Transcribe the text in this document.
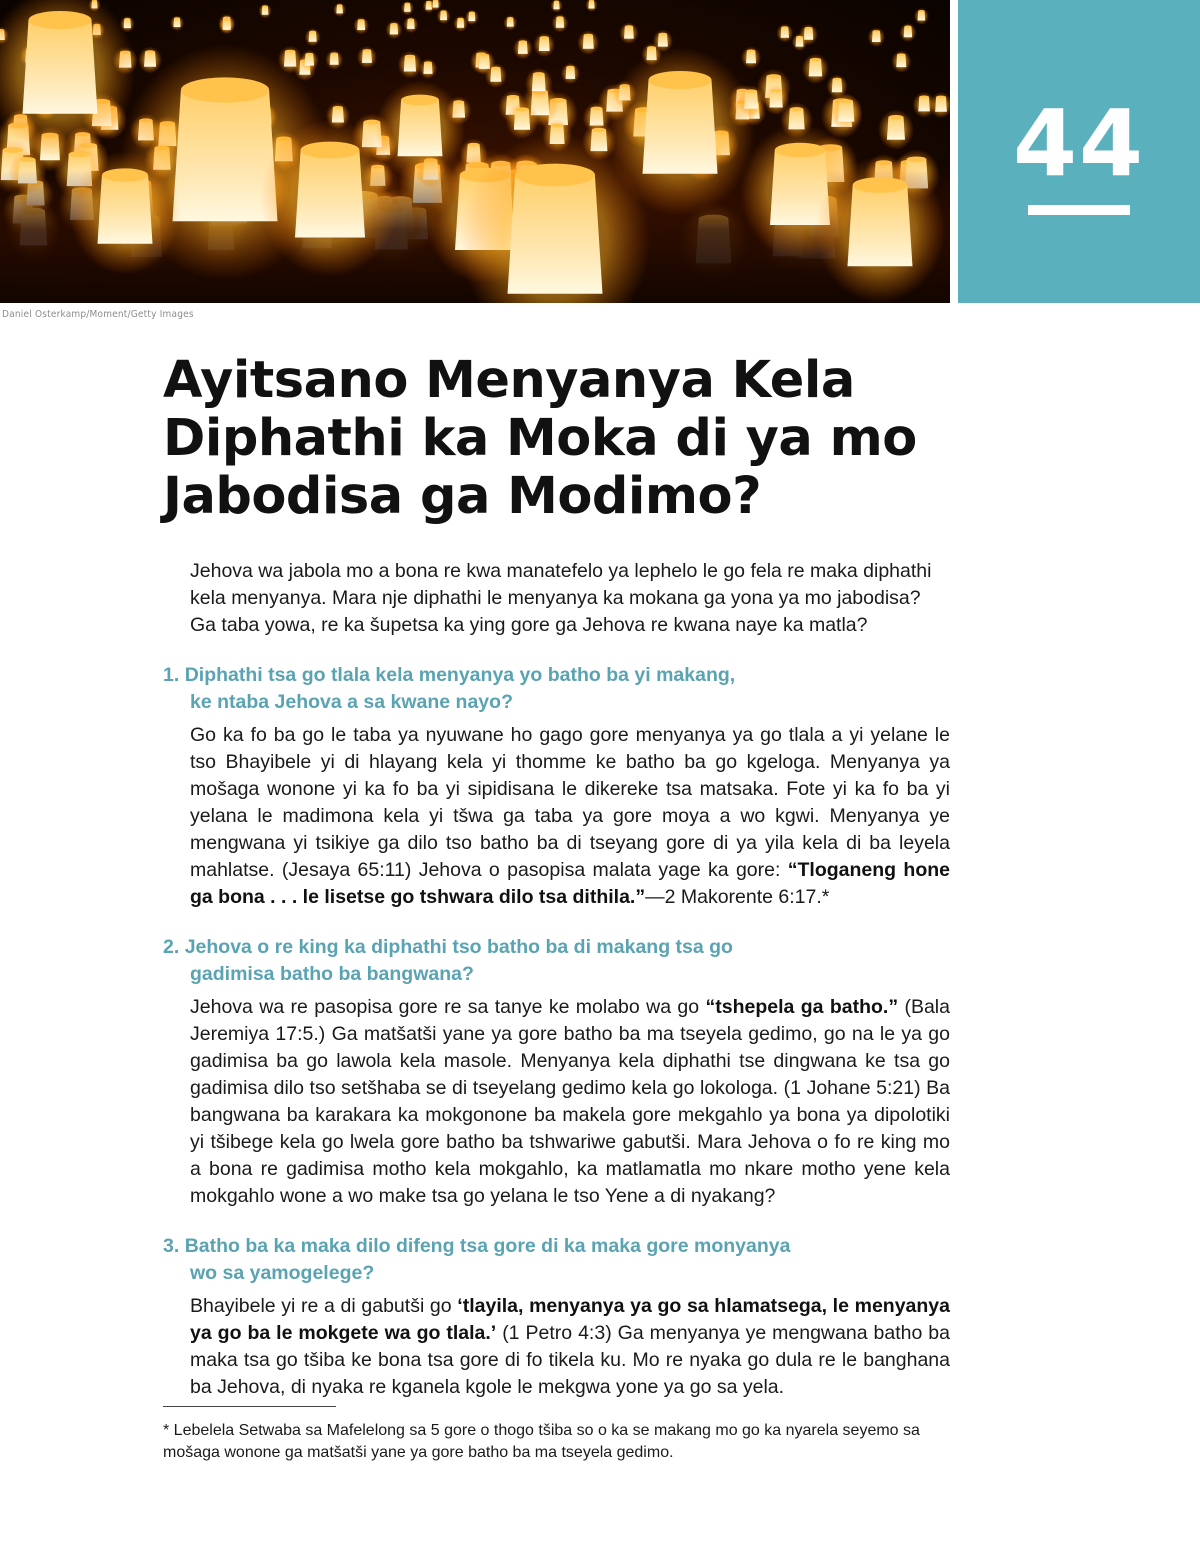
44
Daniel Osterkamp/Moment/Getty Images
Ayitsano Menyanya Kela
Diphathi ka Moka di ya mo
Jabodisa ga Modimo?

Jehova wa jabola mo a bona re kwa manatefelo ya lephelo le go fela re maka diphathi kela menyanya. Mara nje diphathi le menyanya ka mokana ga yona ya mo jabodisa? Ga taba yowa, re ka šupetsa ka ying gore ga Jehova re kwana naye ka matla?

1. Diphathi tsa go tlala kela menyanya yo batho ba yi makang,
ke ntaba Jehova a sa kwane nayo?

Go ka fo ba go le taba ya nyuwane ho gago gore menyanya ya go tlala a yi yelane le tso Bhayibele yi di hlayang kela yi thomme ke batho ba go kgeloga. Menyanya ya mošaga wonone yi ka fo ba yi sipidisana le dikereke tsa matsaka. Fote yi ka fo ba yi yelana le madimona kela yi tšwa ga taba ya gore moya a wo kgwi. Menyanya ye mengwana yi tsikiye ga dilo tso batho ba di tseyang gore di ya yila kela di ba leyela mahlatse. (Jesaya 65:11) Jehova o pasopisa malata yage ka gore: “Tloganeng hone ga bona . . . le lisetse go tshwara dilo tsa dithila.”—2 Makorente 6:17.*

2. Jehova o re king ka diphathi tso batho ba di makang tsa go
gadimisa batho ba bangwana?

Jehova wa re pasopisa gore re sa tanye ke molabo wa go “tshepela ga batho.” (Bala Jeremiya 17:5.) Ga matšatši yane ya gore batho ba ma tseyela gedimo, go na le ya go gadimisa ba go lawola kela masole. Menyanya kela diphathi tse dingwana ke tsa go gadimisa dilo tso setšhaba se di tseyelang gedimo kela go lokologa. (1 Johane 5:21) Ba bangwana ba karakara ka mokgonone ba makela gore mekgahlo ya bona ya dipolotiki yi tšibege kela go lwela gore batho ba tshwariwe gabutši. Mara Jehova o fo re king mo a bona re gadimisa motho kela mokgahlo, ka matlamatla mo nkare motho yene kela mokgahlo wone a wo make tsa go yelana le tso Yene a di nyakang?

3. Batho ba ka maka dilo difeng tsa gore di ka maka gore monyanya
wo sa yamogelege?

Bhayibele yi re a di gabutši go ‘tlayila, menyanya ya go sa hlamatsega, le menyanya ya go ba le mokgete wa go tlala.’ (1 Petro 4:3) Ga menyanya ye mengwana batho ba maka tsa go tšiba ke bona tsa gore di fo tikela ku. Mo re nyaka go dula re le banghana ba Jehova, di nyaka re kganela kgole le mekgwa yone ya go sa yela.

* Lebelela Setwaba sa Mafelelong sa 5 gore o thogo tšiba so o ka se makang mo go ka nyarela seyemo sa mošaga wonone ga matšatši yane ya gore batho ba ma tseyela gedimo.
